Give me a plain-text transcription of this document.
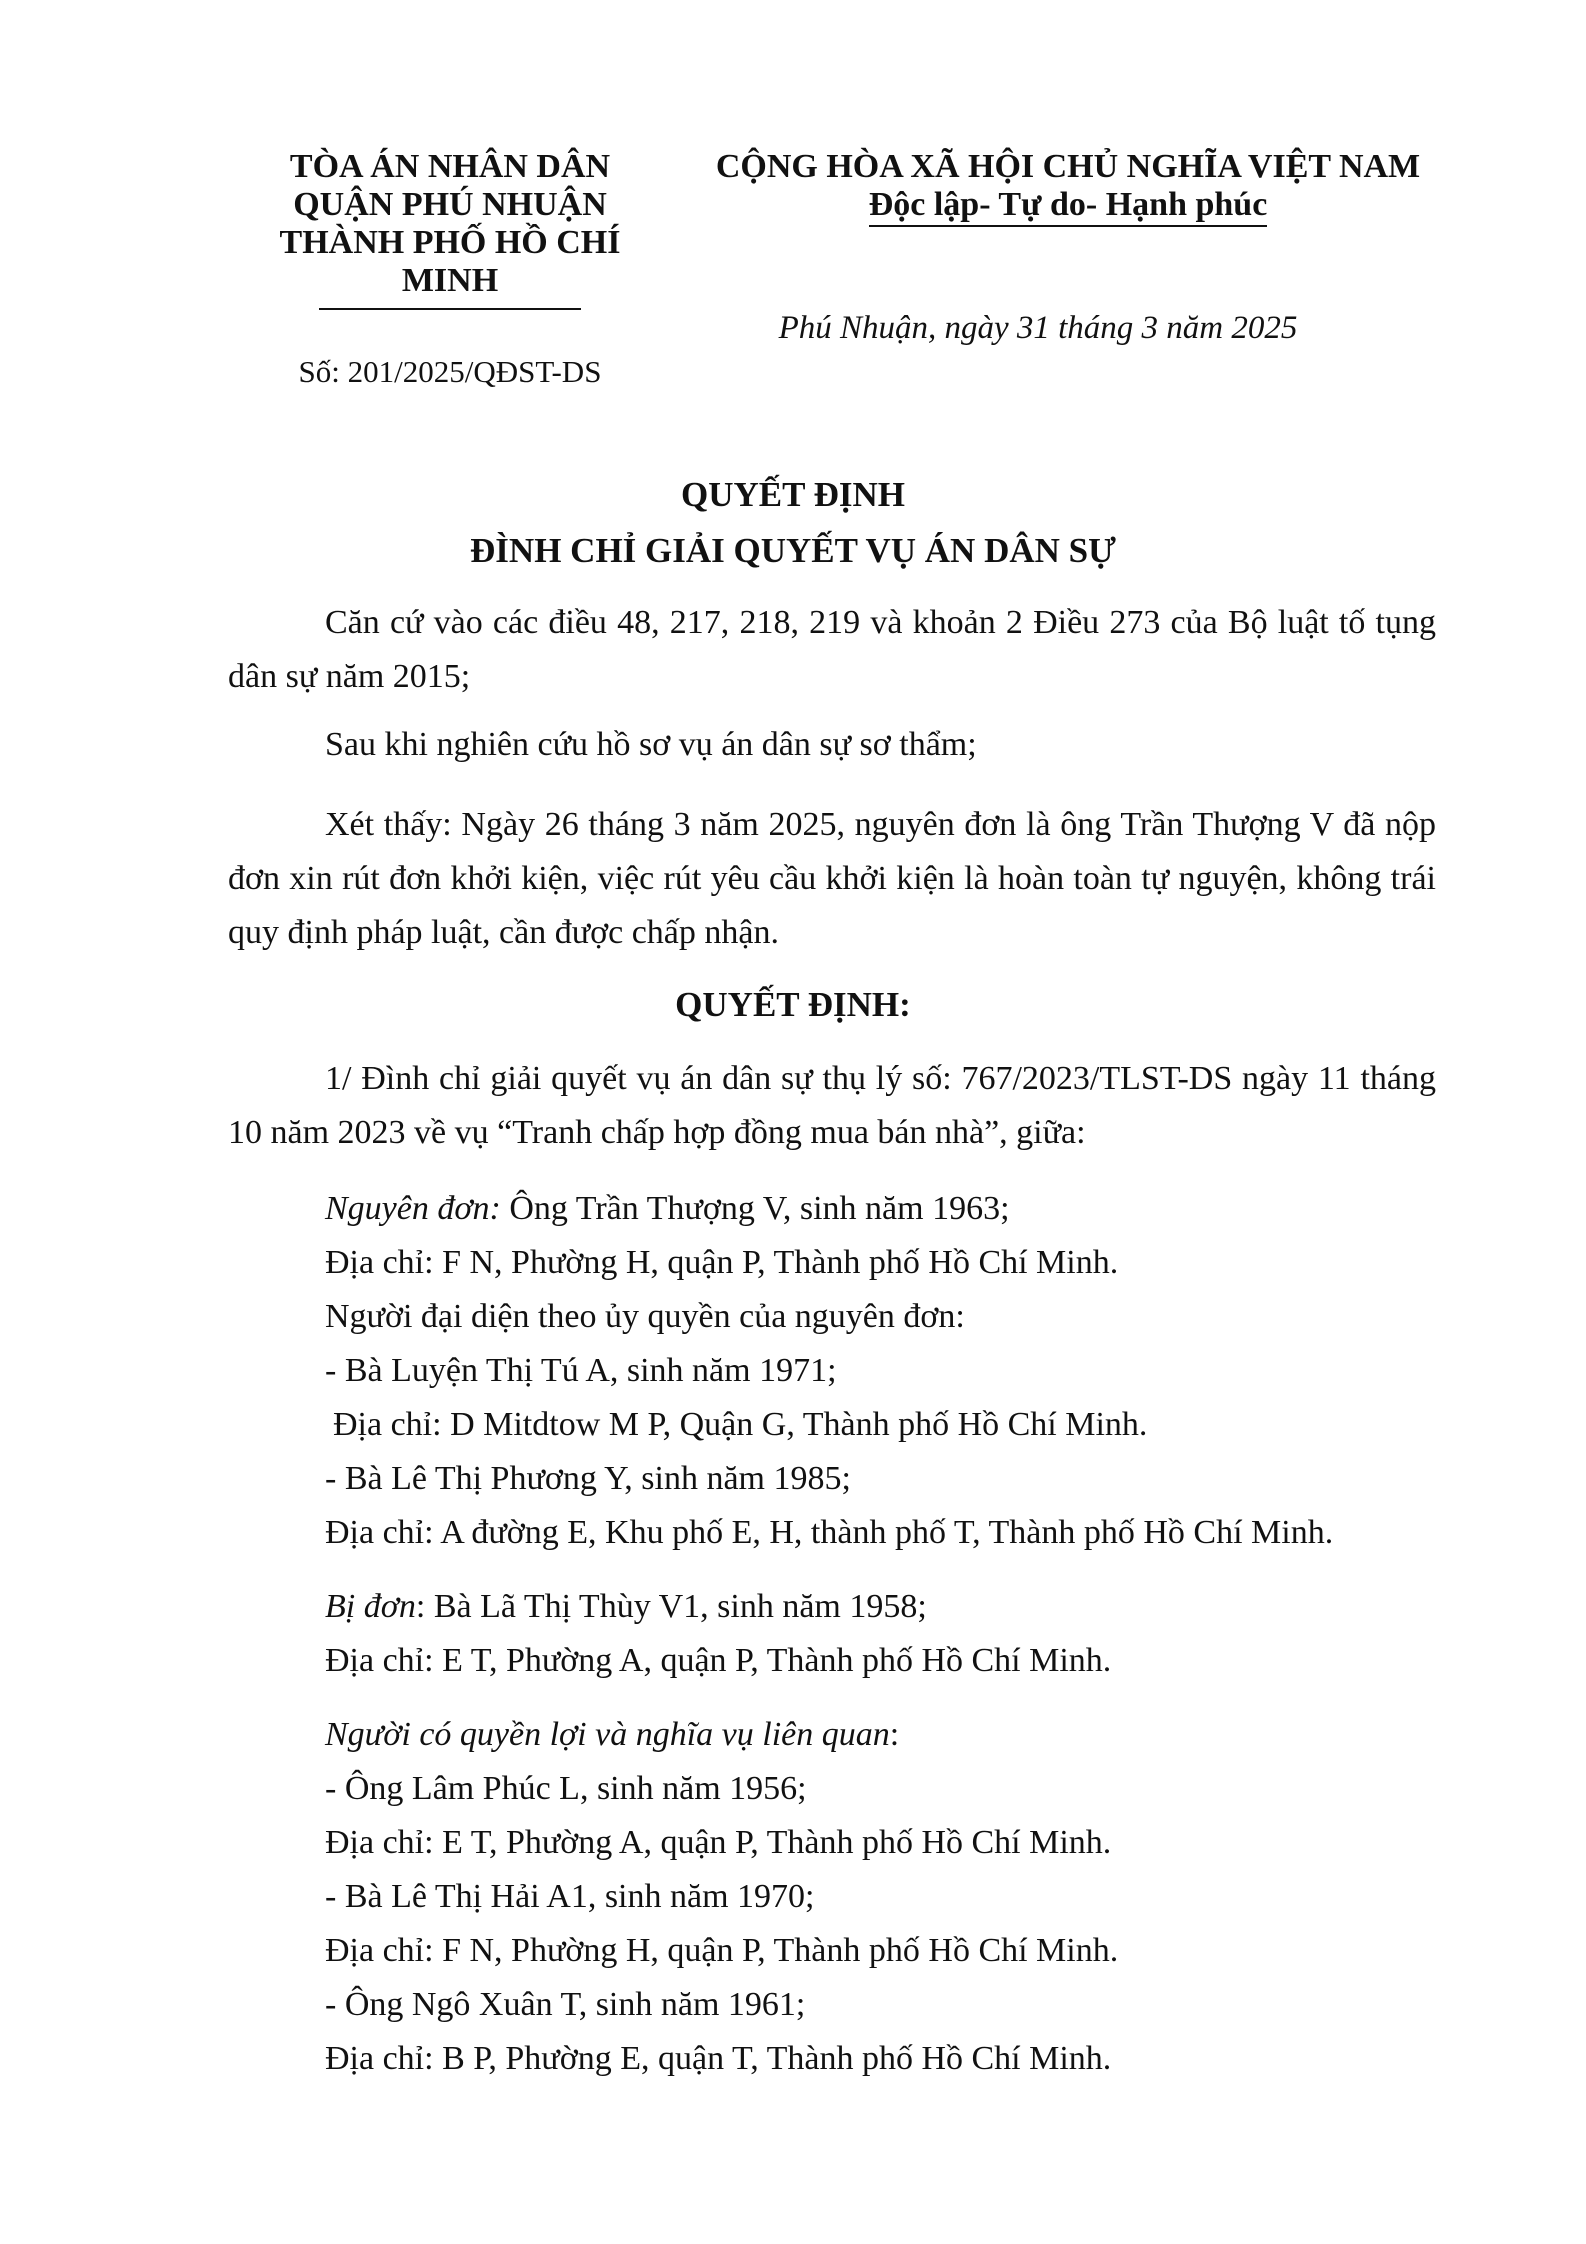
TÒA ÁN NHÂN DÂN
QUẬN PHÚ NHUẬN
THÀNH PHỐ HỒ CHÍ
MINH
Số: 201/2025/QĐST-DS
CỘNG HÒA XÃ HỘI CHỦ NGHĨA VIỆT NAM
Độc lập- Tự do- Hạnh phúc
Phú Nhuận, ngày 31 tháng 3 năm 2025
QUYẾT ĐỊNH
ĐÌNH CHỈ GIẢI QUYẾT VỤ ÁN DÂN SỰ
Căn cứ vào các điều 48, 217, 218, 219 và khoản 2 Điều 273 của Bộ luật tố tụng dân sự năm 2015;
Sau khi nghiên cứu hồ sơ vụ án dân sự sơ thẩm;
Xét thấy: Ngày 26 tháng 3 năm 2025, nguyên đơn là ông Trần Thượng V đã nộp đơn xin rút đơn khởi kiện, việc rút yêu cầu khởi kiện là hoàn toàn tự nguyện, không trái quy định pháp luật, cần được chấp nhận.
QUYẾT ĐỊNH:
1/ Đình chỉ giải quyết vụ án dân sự thụ lý số: 767/2023/TLST-DS ngày 11 tháng 10 năm 2023 về vụ “Tranh chấp hợp đồng mua bán nhà”, giữa:
Nguyên đơn: Ông Trần Thượng V, sinh năm 1963;
Địa chỉ: F N, Phường H, quận P, Thành phố Hồ Chí Minh.
Người đại diện theo ủy quyền của nguyên đơn:
- Bà Luyện Thị Tú A, sinh năm 1971;
Địa chỉ: D Mitdtow M P, Quận G, Thành phố Hồ Chí Minh.
- Bà Lê Thị Phương Y, sinh năm 1985;
Địa chỉ: A đường E, Khu phố E, H, thành phố T, Thành phố Hồ Chí Minh.
Bị đơn: Bà Lã Thị Thùy V1, sinh năm 1958;
Địa chỉ: E T, Phường A, quận P, Thành phố Hồ Chí Minh.
Người có quyền lợi và nghĩa vụ liên quan:
- Ông Lâm Phúc L, sinh năm 1956;
Địa chỉ: E T, Phường A, quận P, Thành phố Hồ Chí Minh.
- Bà Lê Thị Hải A1, sinh năm 1970;
Địa chỉ: F N, Phường H, quận P, Thành phố Hồ Chí Minh.
- Ông Ngô Xuân T, sinh năm 1961;
Địa chỉ: B P, Phường E, quận T, Thành phố Hồ Chí Minh.
